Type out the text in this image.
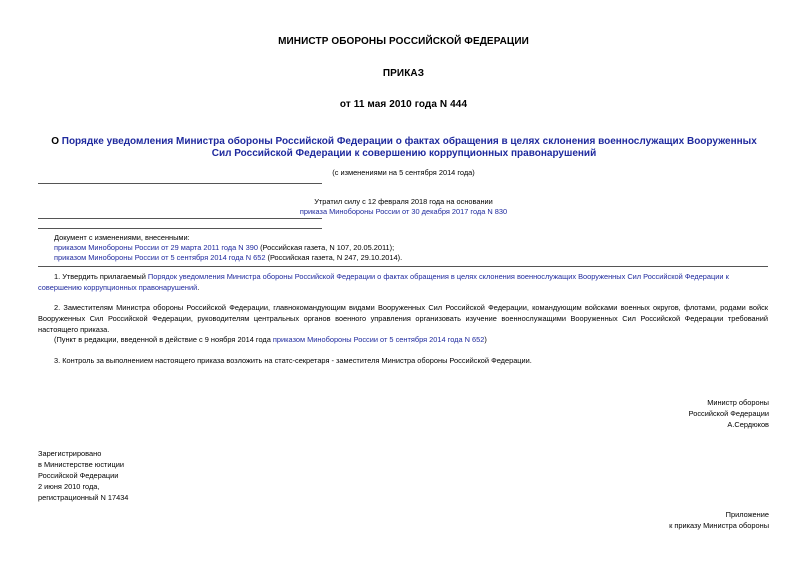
МИНИСТР ОБОРОНЫ РОССИЙСКОЙ ФЕДЕРАЦИИ
ПРИКАЗ
от 11 мая 2010 года N 444
О Порядке уведомления Министра обороны Российской Федерации о фактах обращения в целях склонения военнослужащих Вооруженных Сил Российской Федерации к совершению коррупционных правонарушений
(с изменениями на 5 сентября 2014 года)
Утратил силу с 12 февраля 2018 года на основании
приказа Минобороны России от 30 декабря 2017 года N 830
Документ с изменениями, внесенными:
приказом Минобороны России от 29 марта 2011 года N 390 (Российская газета, N 107, 20.05.2011);
приказом Минобороны России от 5 сентября 2014 года N 652 (Российская газета, N 247, 29.10.2014).
1. Утвердить прилагаемый Порядок уведомления Министра обороны Российской Федерации о фактах обращения в целях склонения военнослужащих Вооруженных Сил Российской Федерации к совершению коррупционных правонарушений.
2. Заместителям Министра обороны Российской Федерации, главнокомандующим видами Вооруженных Сил Российской Федерации, командующим войсками военных округов, флотами, родами войск Вооруженных Сил Российской Федерации, руководителям центральных органов военного управления организовать изучение военнослужащими Вооруженных Сил Российской Федерации требований настоящего приказа.
(Пункт в редакции, введенной в действие с 9 ноября 2014 года приказом Минобороны России от 5 сентября 2014 года N 652)
3. Контроль за выполнением настоящего приказа возложить на статс-секретаря - заместителя Министра обороны Российской Федерации.
Министр обороны
Российской Федерации
А.Сердюков
Зарегистрировано
в Министерстве юстиции
Российской Федерации
2 июня 2010 года,
регистрационный N 17434
Приложение
к приказу Министра обороны
